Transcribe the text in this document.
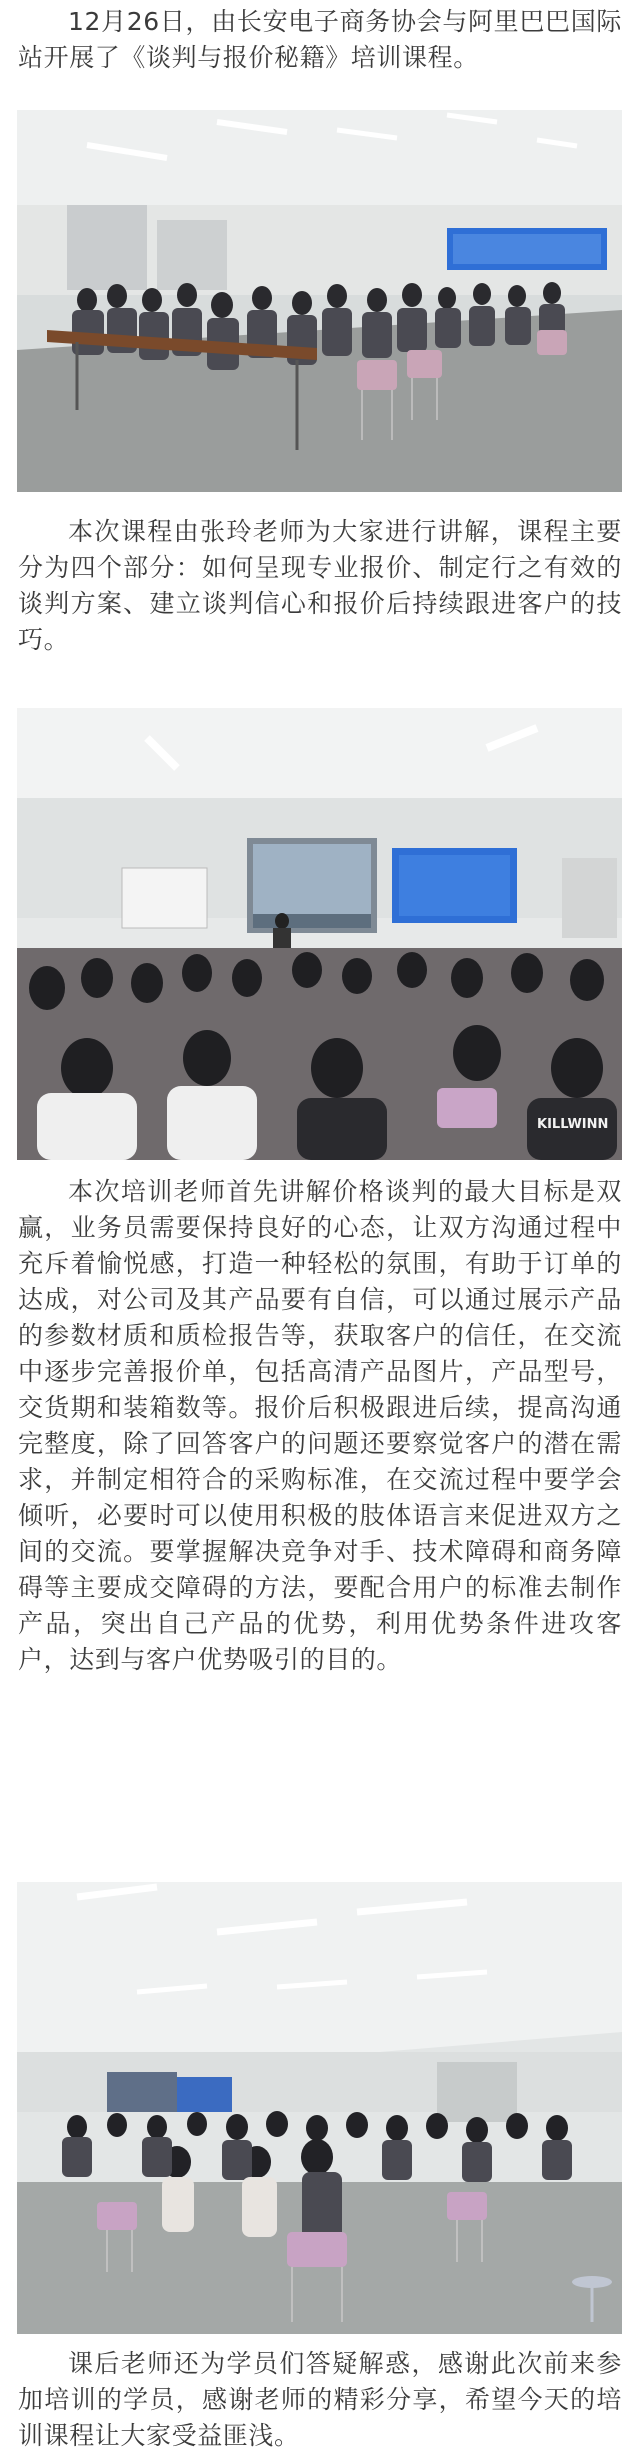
12月26日，由长安电子商务协会与阿里巴巴国际站开展了《谈判与报价秘籍》培训课程。

本次课程由张玲老师为大家进行讲解，课程主要分为四个部分：如何呈现专业报价、制定行之有效的谈判方案、建立谈判信心和报价后持续跟进客户的技巧。

KILLWINN

本次培训老师首先讲解价格谈判的最大目标是双赢，业务员需要保持良好的心态，让双方沟通过程中充斥着愉悦感，打造一种轻松的氛围，有助于订单的达成，对公司及其产品要有自信，可以通过展示产品的参数材质和质检报告等，获取客户的信任，在交流中逐步完善报价单，包括高清产品图片，产品型号，交货期和装箱数等。报价后积极跟进后续，提高沟通完整度，除了回答客户的问题还要察觉客户的潜在需求，并制定相符合的采购标准，在交流过程中要学会倾听，必要时可以使用积极的肢体语言来促进双方之间的交流。要掌握解决竞争对手、技术障碍和商务障碍等主要成交障碍的方法，要配合用户的标准去制作产品，突出自己产品的优势，利用优势条件进攻客户，达到与客户优势吸引的目的。

课后老师还为学员们答疑解惑，感谢此次前来参加培训的学员，感谢老师的精彩分享，希望今天的培训课程让大家受益匪浅。
